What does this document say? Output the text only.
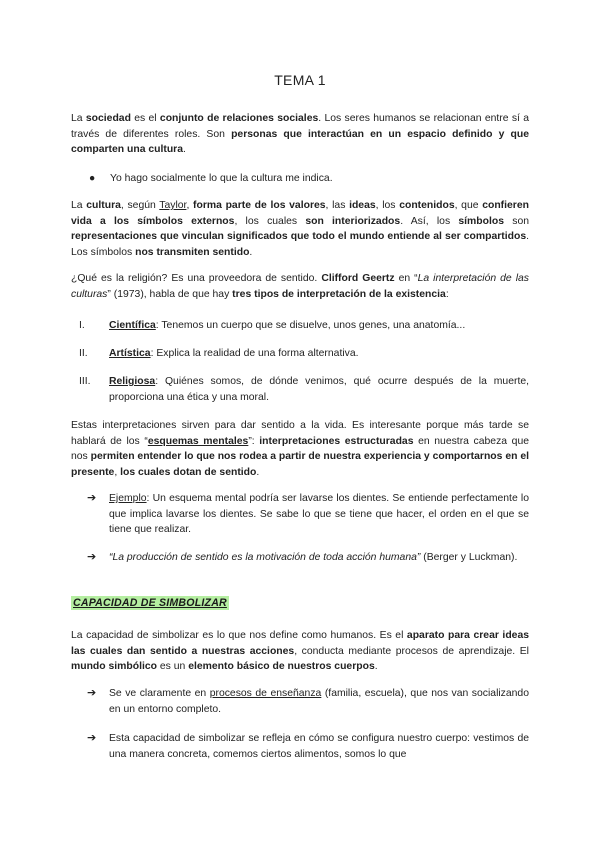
TEMA 1

La sociedad es el conjunto de relaciones sociales. Los seres humanos se relacionan entre sí a través de diferentes roles. Son personas que interactúan en un espacio definido y que comparten una cultura.

● Yo hago socialmente lo que la cultura me indica.

La cultura, según Taylor, forma parte de los valores, las ideas, los contenidos, que confieren vida a los símbolos externos, los cuales son interiorizados. Así, los símbolos son representaciones que vinculan significados que todo el mundo entiende al ser compartidos. Los símbolos nos transmiten sentido.

¿Qué es la religión? Es una proveedora de sentido. Clifford Geertz en “La interpretación de las culturas” (1973), habla de que hay tres tipos de interpretación de la existencia:

I.	Científica: Tenemos un cuerpo que se disuelve, unos genes, una anatomía...
II.	Artística: Explica la realidad de una forma alternativa.
III.	Religiosa: Quiénes somos, de dónde venimos, qué ocurre después de la muerte, proporciona una ética y una moral.

Estas interpretaciones sirven para dar sentido a la vida. Es interesante porque más tarde se hablará de los “esquemas mentales”: interpretaciones estructuradas en nuestra cabeza que nos permiten entender lo que nos rodea a partir de nuestra experiencia y comportarnos en el presente, los cuales dotan de sentido.

➔ Ejemplo: Un esquema mental podría ser lavarse los dientes. Se entiende perfectamente lo que implica lavarse los dientes. Se sabe lo que se tiene que hacer, el orden en el que se tiene que realizar.
➔ “La producción de sentido es la motivación de toda acción humana” (Berger y Luckman).
CAPACIDAD DE SIMBOLIZAR

La capacidad de simbolizar es lo que nos define como humanos. Es el aparato para crear ideas las cuales dan sentido a nuestras acciones, conducta mediante procesos de aprendizaje. El mundo simbólico es un elemento básico de nuestros cuerpos.

➔ Se ve claramente en procesos de enseñanza (familia, escuela), que nos van socializando en un entorno completo.
➔ Esta capacidad de simbolizar se refleja en cómo se configura nuestro cuerpo: vestimos de una manera concreta, comemos ciertos alimentos, somos lo que
